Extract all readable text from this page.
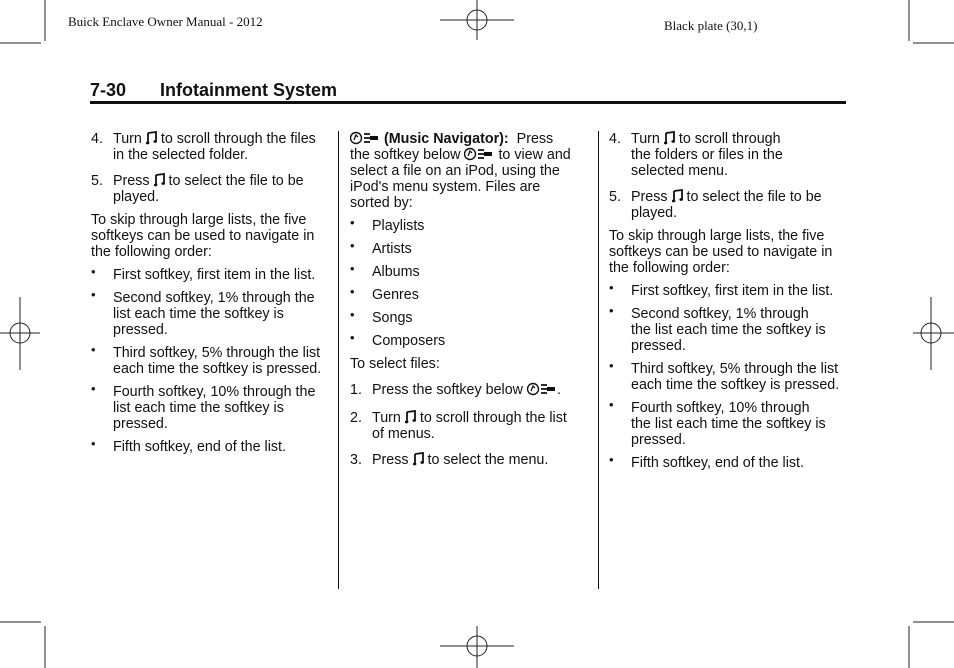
Buick Enclave Owner Manual - 2012	Black plate (30,1)
7-30 Infotainment System

4. Turn to scroll through the files
in the selected folder.

5. Press to select the file to be
played.

To skip through large lists, the five
softkeys can be used to navigate in
the following order:

• First softkey, first item in the list.

• Second softkey, 1% through the
list each time the softkey is
pressed.

• Third softkey, 5% through the list
each time the softkey is pressed.

• Fourth softkey, 10% through the
list each time the softkey is
pressed.

• Fifth softkey, end of the list.

(Music Navigator): Press

the softkey below	to view and
select a file on an iPod, using the
iPod's menu system. Files are
sorted by:

• Playlists

• Artists

• Albums

• Genres

• Songs

• Composers

To select files:

1. Press the softkey below .

2. Turn to scroll through the list
of menus.

3. Press to select the menu.

4. Turn to scroll through
the folders or files in the
selected menu.

5. Press to select the file to be
played.

To skip through large lists, the five
softkeys can be used to navigate in
the following order:

• First softkey, first item in the list.

• Second softkey, 1% through
the list each time the softkey is
pressed.

• Third softkey, 5% through the list
each time the softkey is pressed.

• Fourth softkey, 10% through
the list each time the softkey is
pressed.

• Fifth softkey, end of the list.
